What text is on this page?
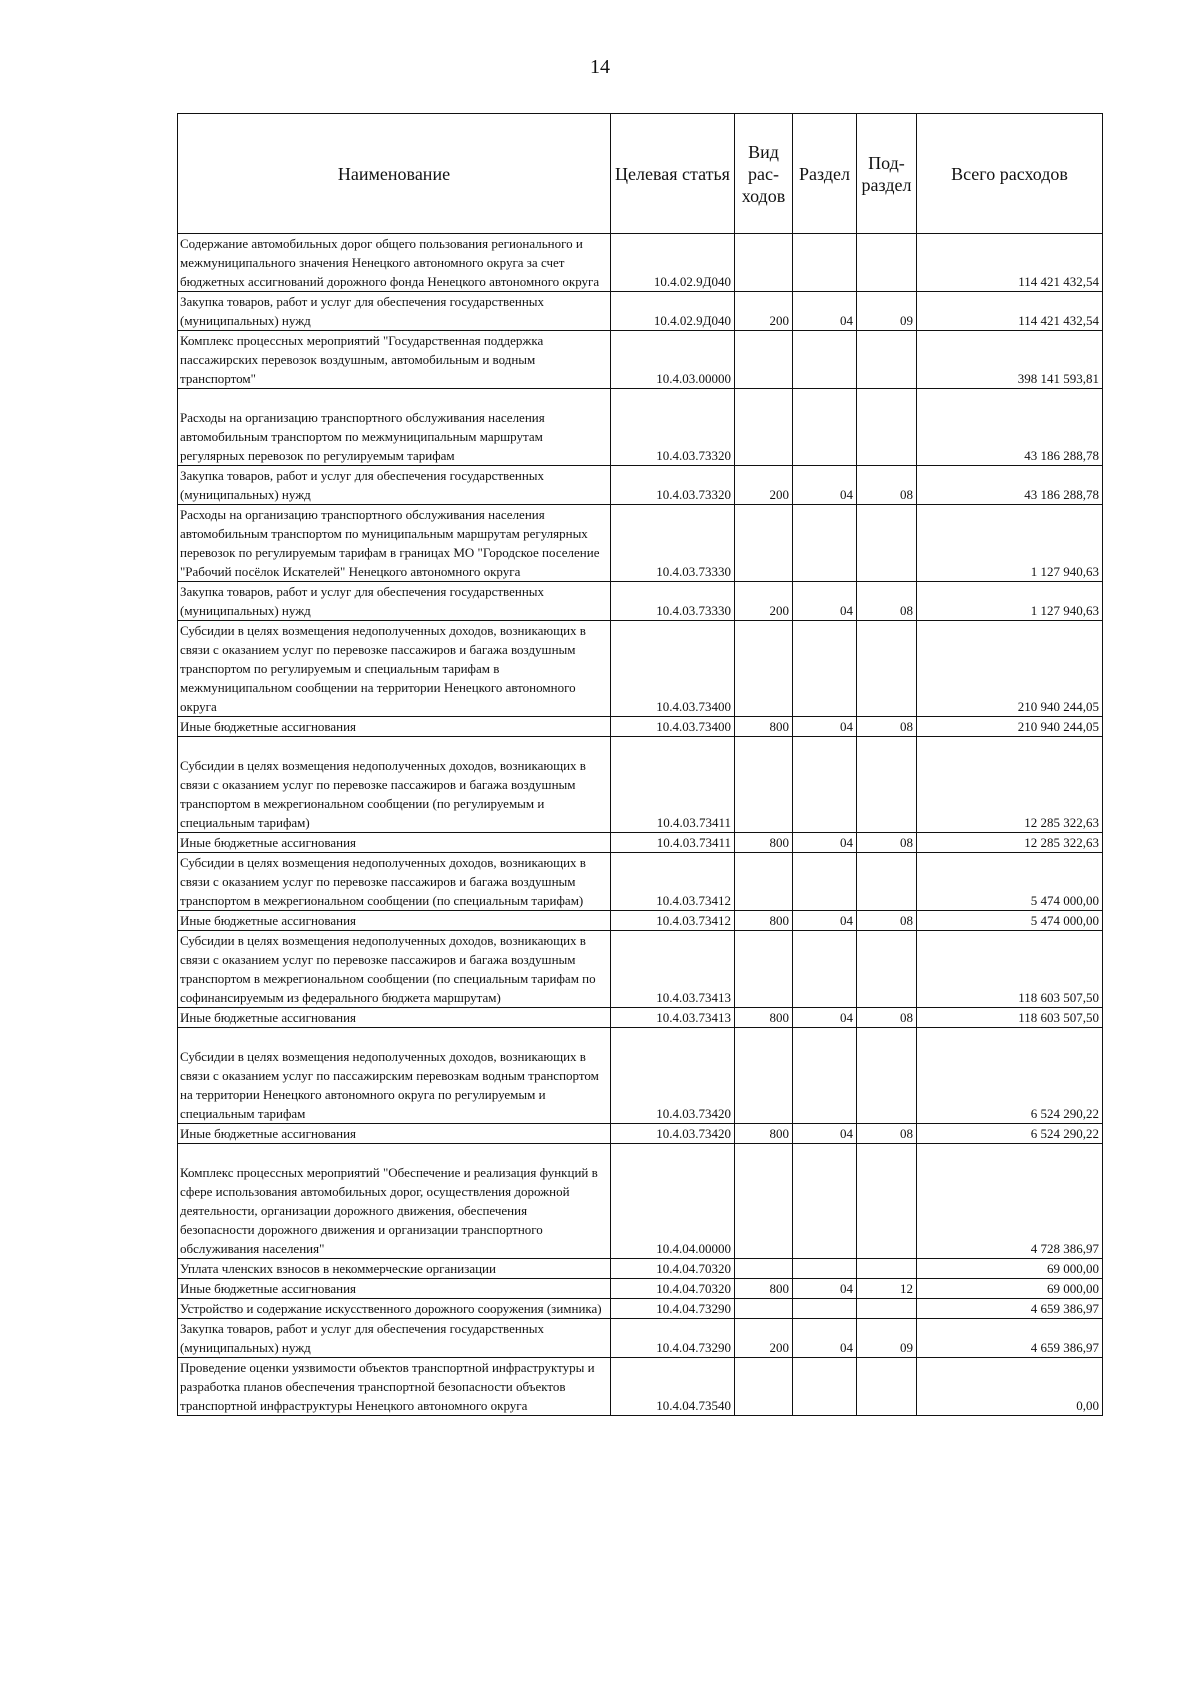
14
Наименование	Целевая статья	Вид рас-ходов	Раздел	Под-раздел	Всего расходов
Содержание автомобильных дорог общего пользования регионального и межмуниципального значения Ненецкого автономного округа за счет бюджетных ассигнований дорожного фонда Ненецкого автономного округа	10.4.02.9Д040				114 421 432,54
Закупка товаров, работ и услуг для обеспечения государственных (муниципальных) нужд	10.4.02.9Д040	200	04	09	114 421 432,54
Комплекс процессных мероприятий "Государственная поддержка пассажирских перевозок воздушным, автомобильным и водным транспортом"	10.4.03.00000				398 141 593,81
Расходы на организацию транспортного обслуживания населения автомобильным транспортом по межмуниципальным маршрутам регулярных перевозок по регулируемым тарифам	10.4.03.73320				43 186 288,78
Закупка товаров, работ и услуг для обеспечения государственных (муниципальных) нужд	10.4.03.73320	200	04	08	43 186 288,78
Расходы на организацию транспортного обслуживания населения автомобильным транспортом по муниципальным маршрутам регулярных перевозок по регулируемым тарифам в границах МО "Городское поселение "Рабочий посёлок Искателей" Ненецкого автономного округа	10.4.03.73330				1 127 940,63
Закупка товаров, работ и услуг для обеспечения государственных (муниципальных) нужд	10.4.03.73330	200	04	08	1 127 940,63
Субсидии в целях возмещения недополученных доходов, возникающих в связи с оказанием услуг по перевозке пассажиров и багажа воздушным транспортом по регулируемым и специальным тарифам в межмуниципальном сообщении на территории Ненецкого автономного округа	10.4.03.73400				210 940 244,05
Иные бюджетные ассигнования	10.4.03.73400	800	04	08	210 940 244,05
Субсидии в целях возмещения недополученных доходов, возникающих в связи с оказанием услуг по перевозке пассажиров и багажа воздушным транспортом в межрегиональном сообщении (по регулируемым и специальным тарифам)	10.4.03.73411				12 285 322,63
Иные бюджетные ассигнования	10.4.03.73411	800	04	08	12 285 322,63
Субсидии в целях возмещения недополученных доходов, возникающих в связи с оказанием услуг по перевозке пассажиров и багажа воздушным транспортом в межрегиональном сообщении (по специальным тарифам)	10.4.03.73412				5 474 000,00
Иные бюджетные ассигнования	10.4.03.73412	800	04	08	5 474 000,00
Субсидии в целях возмещения недополученных доходов, возникающих в связи с оказанием услуг по перевозке пассажиров и багажа воздушным транспортом в межрегиональном сообщении (по специальным тарифам по софинансируемым из федерального бюджета маршрутам)	10.4.03.73413				118 603 507,50
Иные бюджетные ассигнования	10.4.03.73413	800	04	08	118 603 507,50
Субсидии в целях возмещения недополученных доходов, возникающих в связи с оказанием услуг по пассажирским перевозкам водным транспортом на территории Ненецкого автономного округа по регулируемым и специальным тарифам	10.4.03.73420				6 524 290,22
Иные бюджетные ассигнования	10.4.03.73420	800	04	08	6 524 290,22
Комплекс процессных мероприятий "Обеспечение и реализация функций в сфере использования автомобильных дорог, осуществления дорожной деятельности, организации дорожного движения, обеспечения безопасности дорожного движения и организации транспортного обслуживания населения"	10.4.04.00000				4 728 386,97
Уплата членских взносов в некоммерческие организации	10.4.04.70320				69 000,00
Иные бюджетные ассигнования	10.4.04.70320	800	04	12	69 000,00
Устройство и содержание искусственного дорожного сооружения (зимника)	10.4.04.73290				4 659 386,97
Закупка товаров, работ и услуг для обеспечения государственных (муниципальных) нужд	10.4.04.73290	200	04	09	4 659 386,97
Проведение оценки уязвимости объектов транспортной инфраструктуры и разработка планов обеспечения транспортной безопасности объектов транспортной инфраструктуры Ненецкого автономного округа	10.4.04.73540				0,00
